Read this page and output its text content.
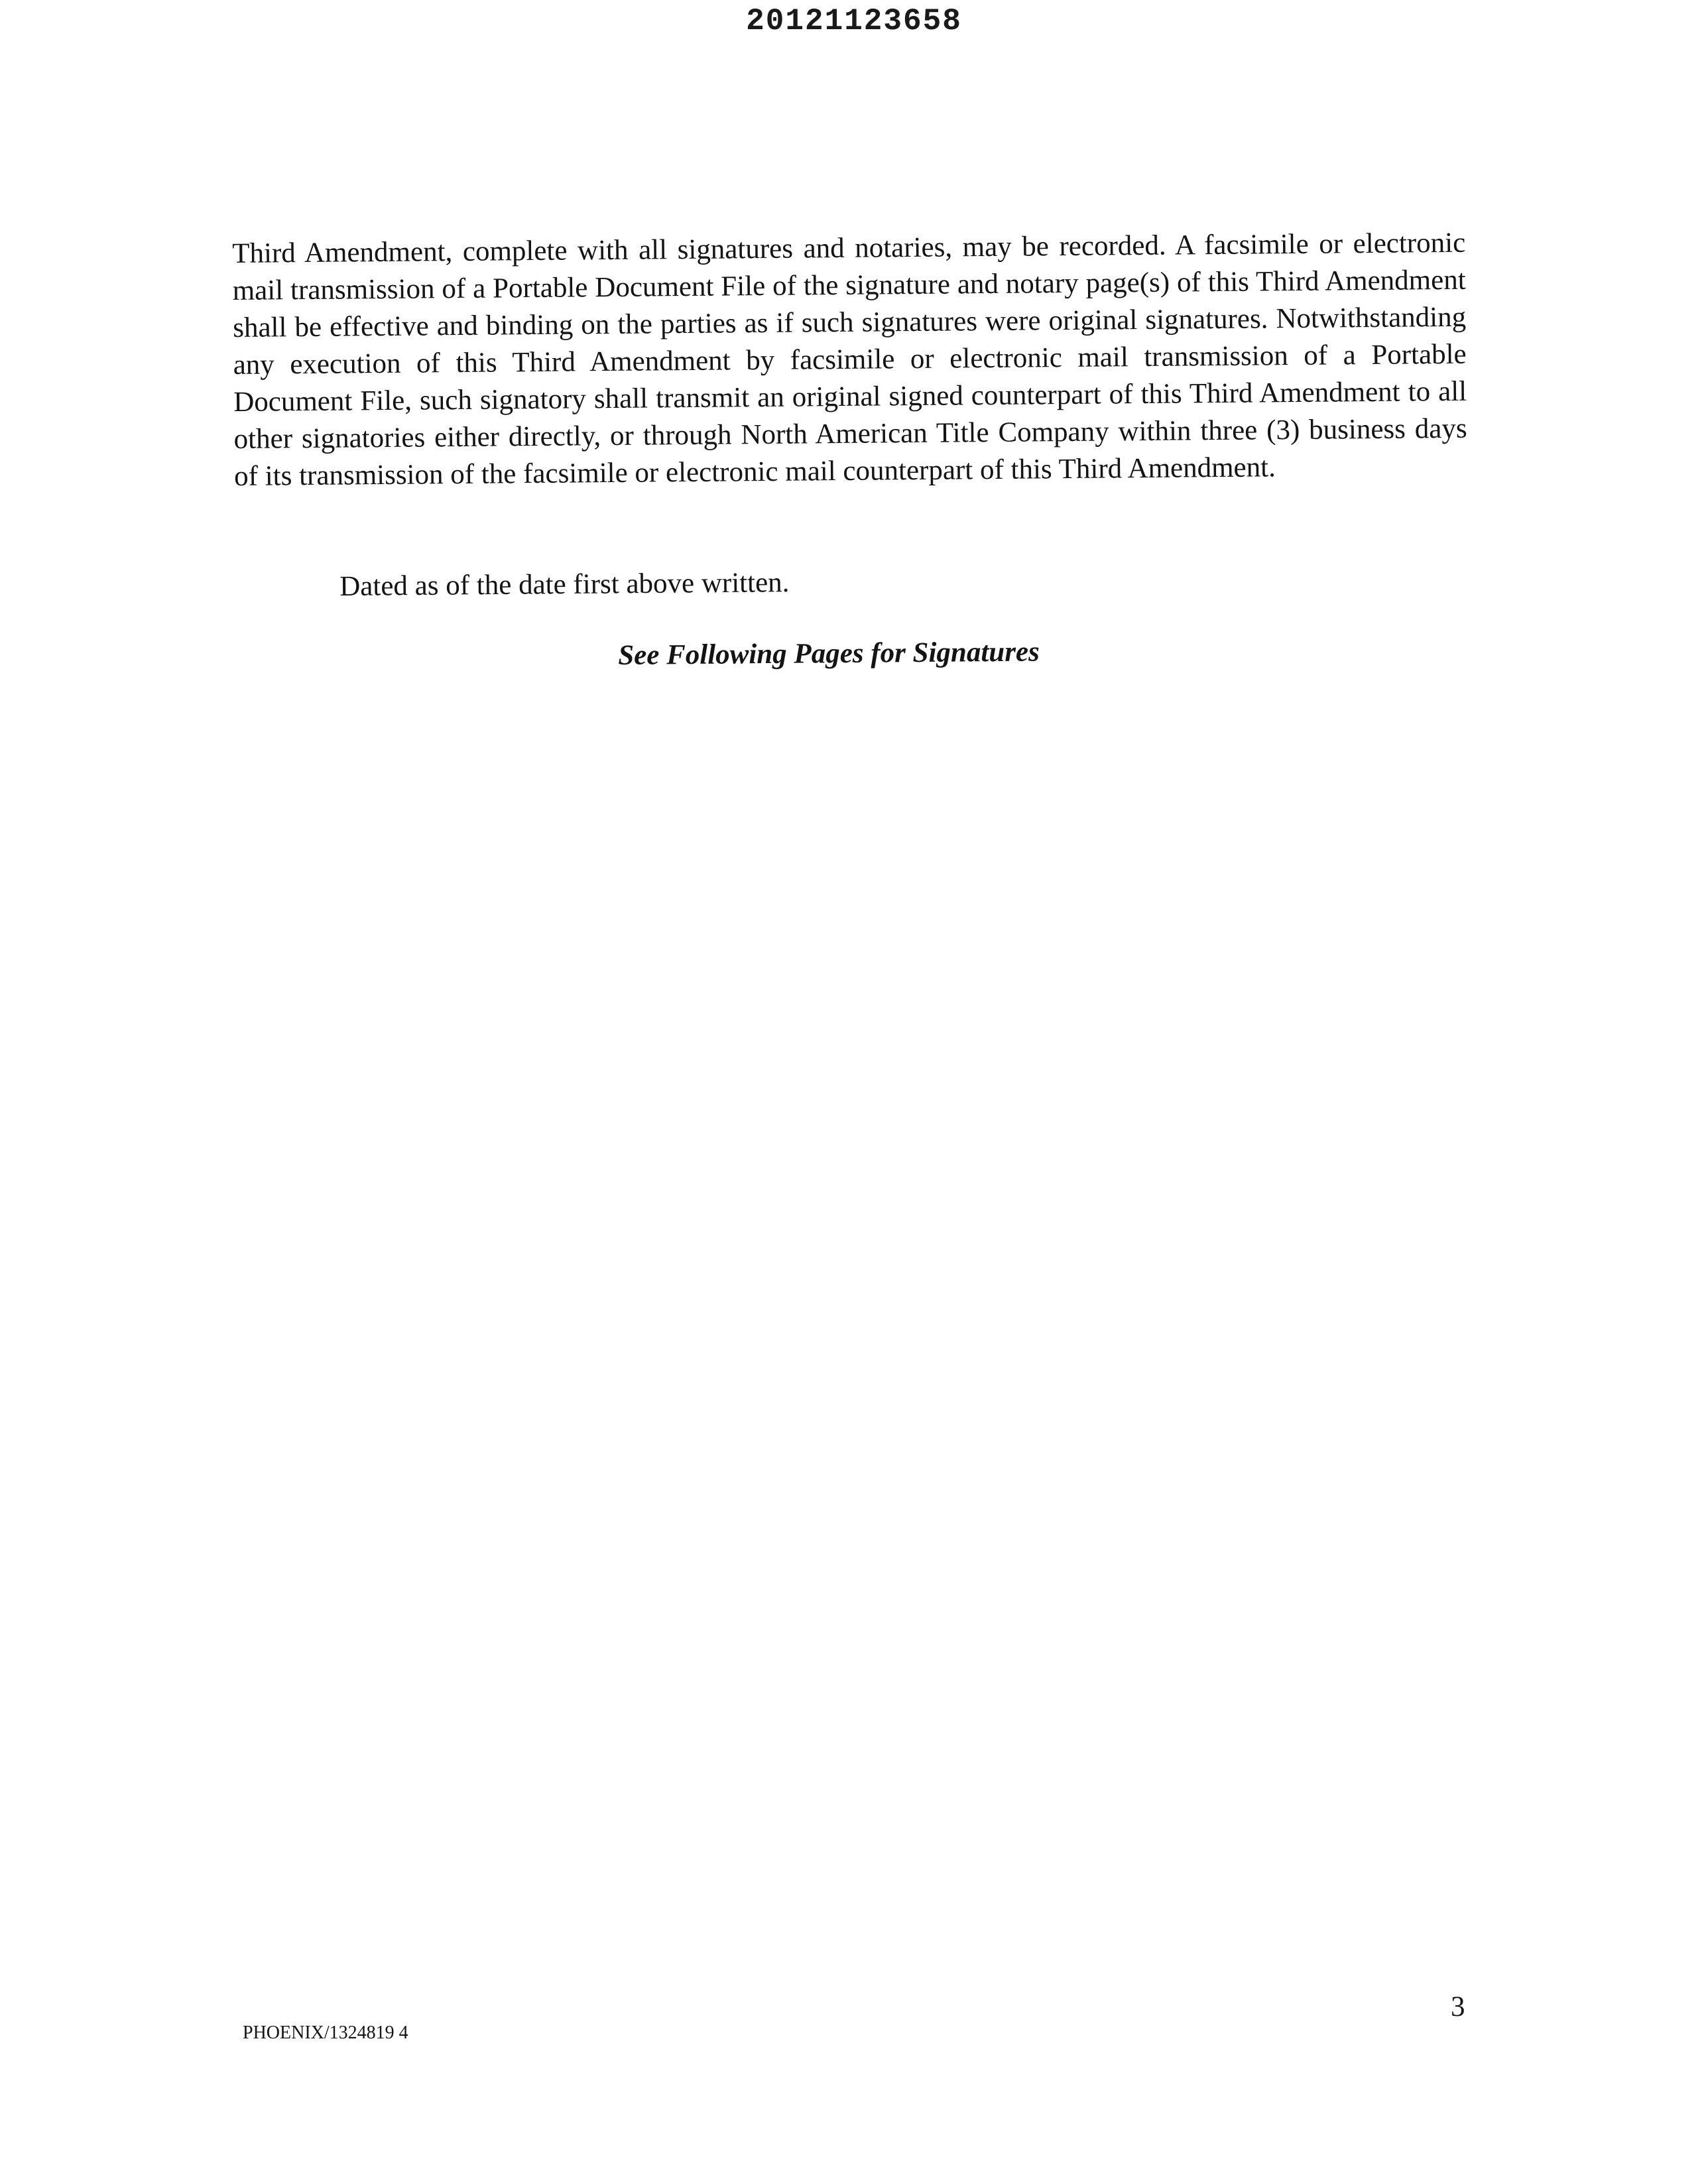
20121123658
Third Amendment, complete with all signatures and notaries, may be recorded. A facsimile or electronic mail transmission of a Portable Document File of the signature and notary page(s) of this Third Amendment shall be effective and binding on the parties as if such signatures were original signatures. Notwithstanding any execution of this Third Amendment by facsimile or electronic mail transmission of a Portable Document File, such signatory shall transmit an original signed counterpart of this Third Amendment to all other signatories either directly, or through North American Title Company within three (3) business days of its transmission of the facsimile or electronic mail counterpart of this Third Amendment.
Dated as of the date first above written.
See Following Pages for Signatures
3
PHOENIX/1324819 4
